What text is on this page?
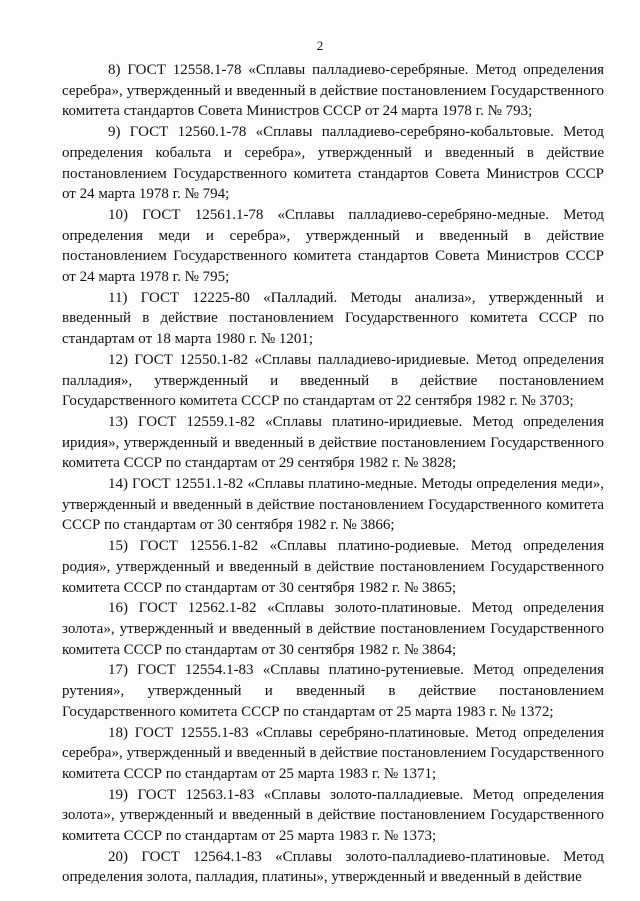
2

8) ГОСТ 12558.1-78 «Сплавы палладиево-серебряные. Метод определения серебра», утвержденный и введенный в действие постановлением Государственного комитета стандартов Совета Министров СССР от 24 марта 1978 г. № 793;

9) ГОСТ 12560.1-78 «Сплавы палладиево-серебряно-кобальтовые. Метод определения кобальта и серебра», утвержденный и введенный в действие постановлением Государственного комитета стандартов Совета Министров СССР от 24 марта 1978 г. № 794;

10) ГОСТ 12561.1-78 «Сплавы палладиево-серебряно-медные. Метод определения меди и серебра», утвержденный и введенный в действие постановлением Государственного комитета стандартов Совета Министров СССР от 24 марта 1978 г. № 795;

11) ГОСТ 12225-80 «Палладий. Методы анализа», утвержденный и введенный в действие постановлением Государственного комитета СССР по стандартам от 18 марта 1980 г. № 1201;

12) ГОСТ 12550.1-82 «Сплавы палладиево-иридиевые. Метод определения палладия», утвержденный и введенный в действие постановлением Государственного комитета СССР по стандартам от 22 сентября 1982 г. № 3703;

13) ГОСТ 12559.1-82 «Сплавы платино-иридиевые. Метод определения иридия», утвержденный и введенный в действие постановлением Государственного комитета СССР по стандартам от 29 сентября 1982 г. № 3828;

14) ГОСТ 12551.1-82 «Сплавы платино-медные. Методы определения меди», утвержденный и введенный в действие постановлением Государственного комитета СССР по стандартам от 30 сентября 1982 г. № 3866;

15) ГОСТ 12556.1-82 «Сплавы платино-родиевые. Метод определения родия», утвержденный и введенный в действие постановлением Государственного комитета СССР по стандартам от 30 сентября 1982 г. № 3865;

16) ГОСТ 12562.1-82 «Сплавы золото-платиновые. Метод определения золота», утвержденный и введенный в действие постановлением Государственного комитета СССР по стандартам от 30 сентября 1982 г. № 3864;

17) ГОСТ 12554.1-83 «Сплавы платино-рутениевые. Метод определения рутения», утвержденный и введенный в действие постановлением Государственного комитета СССР по стандартам от 25 марта 1983 г. № 1372;

18) ГОСТ 12555.1-83 «Сплавы серебряно-платиновые. Метод определения серебра», утвержденный и введенный в действие постановлением Государственного комитета СССР по стандартам от 25 марта 1983 г. № 1371;

19) ГОСТ 12563.1-83 «Сплавы золото-палладиевые. Метод определения золота», утвержденный и введенный в действие постановлением Государственного комитета СССР по стандартам от 25 марта 1983 г. № 1373;

20) ГОСТ 12564.1-83 «Сплавы золото-палладиево-платиновые. Метод определения золота, палладия, платины», утвержденный и введенный в действие
